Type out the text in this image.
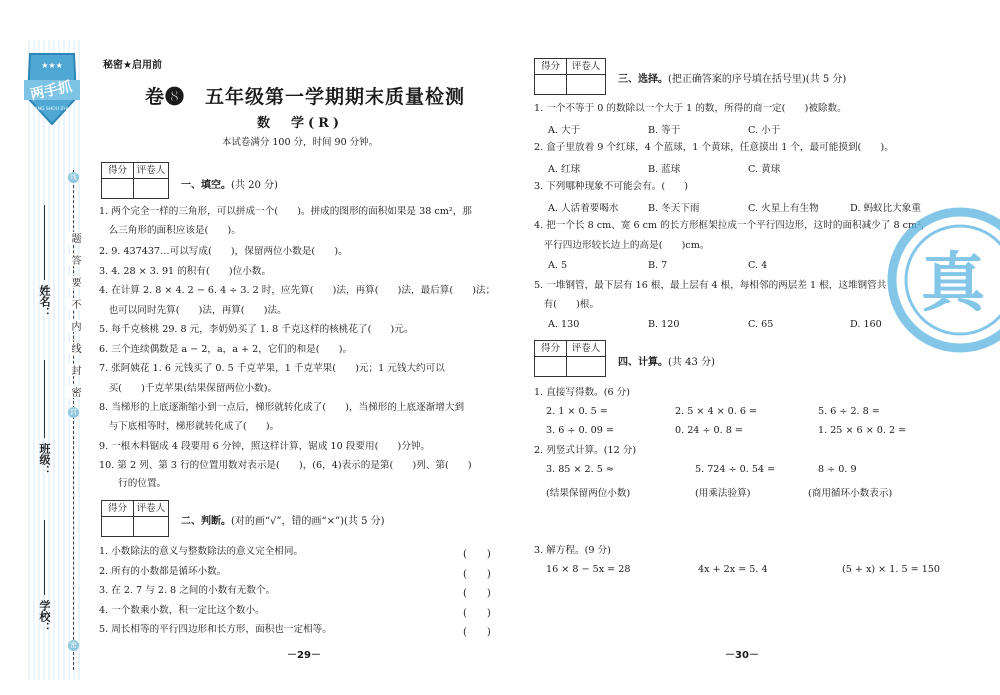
★★★
两手抓
LIANG SHOU ZHUA
姓名：
班级：
学校：
线
封
密
题
答
要
不
内
线
封
密
秘密★启用前
卷❽　五年级第一学期期末质量检测
数　学(R)
本试卷满分 100 分，时间 90 分钟。
得分	评卷人
一、填空。(共 20 分)
1. 两个完全一样的三角形，可以拼成一个(　　)。拼成的图形的面积如果是 38 cm²，那
　么三角形的面积应该是(　　)。
2. 9. 437437…可以写成(　　)，保留两位小数是(　　)。
3. 4. 28 × 3. 91 的积有(　　)位小数。
4. 在计算 2. 8 × 4. 2 − 6. 4 ÷ 3. 2 时，应先算(　　)法，再算(　　)法，最后算(　　)法；
　也可以同时先算(　　)法，再算(　　)法。
5. 每千克核桃 29. 8 元，李奶奶买了 1. 8 千克这样的核桃花了(　　)元。
6. 三个连续偶数是 a − 2，a，a + 2，它们的和是(　　)。
7. 张阿姨花 1. 6 元钱买了 0. 5 千克苹果，1 千克苹果(　　)元；1 元钱大约可以
　买(　　)千克苹果(结果保留两位小数)。
8. 当梯形的上底逐渐缩小到一点后，梯形就转化成了(　　)，当梯形的上底逐渐增大到
　与下底相等时，梯形就转化成了(　　)。
9. 一根木料锯成 4 段要用 6 分钟，照这样计算，锯成 10 段要用(　　)分钟。
10. 第 2 列、第 3 行的位置用数对表示是(　　)，(6，4)表示的是第(　　)列、第(　　)
　　行的位置。
得分	评卷人
二、判断。(对的画“√”，错的画“×”)(共 5 分)
1. 小数除法的意义与整数除法的意义完全相同。	(　　)
2. 所有的小数都是循环小数。	(　　)
3. 在 2. 7 与 2. 8 之间的小数有无数个。	(　　)
4. 一个数乘小数，积一定比这个数小。	(　　)
5. 周长相等的平行四边形和长方形，面积也一定相等。	(　　)
－29－
得分	评卷人
三、选择。(把正确答案的序号填在括号里)(共 5 分)
1. 一个不等于 0 的数除以一个大于 1 的数，所得的商一定(　　)被除数。
A. 大于	B. 等于	C. 小于
2. 盒子里放着 9 个红球，4 个蓝球，1 个黄球，任意摸出 1 个，最可能摸到(　　)。
A. 红球	B. 蓝球	C. 黄球
3. 下列哪种现象不可能会有。(　　)
A. 人活着要喝水	B. 冬天下雨	C. 火星上有生物	D. 蚂蚁比大象重
4. 把一个长 8 cm、宽 6 cm 的长方形框架拉成一个平行四边形，这时的面积减少了 8 cm²，
　平行四边形较长边上的高是(　　)cm。
A. 5	B. 7	C. 4
5. 一堆钢管，最下层有 16 根，最上层有 4 根，每相邻的两层差 1 根，这堆钢管共
　有(　　)根。
A. 130	B. 120	C. 65	D. 160
得分	评卷人
四、计算。(共 43 分)
1. 直接写得数。(6 分)
2. 1 × 0. 5 =	2. 5 × 4 × 0. 6 =	5. 6 ÷ 2. 8 =
3. 6 ÷ 0. 09 =	0. 24 ÷ 0. 8 =	1. 25 × 6 × 0. 2 =
2. 列竖式计算。(12 分)
3. 85 × 2. 5 ≈	5. 724 ÷ 0. 54 =	8 ÷ 0. 9
(结果保留两位小数)	(用乘法验算)	(商用循环小数表示)
3. 解方程。(9 分)
16 × 8 − 5x = 28	4x + 2x = 5. 4	(5 + x) × 1. 5 = 150
－30－
真
